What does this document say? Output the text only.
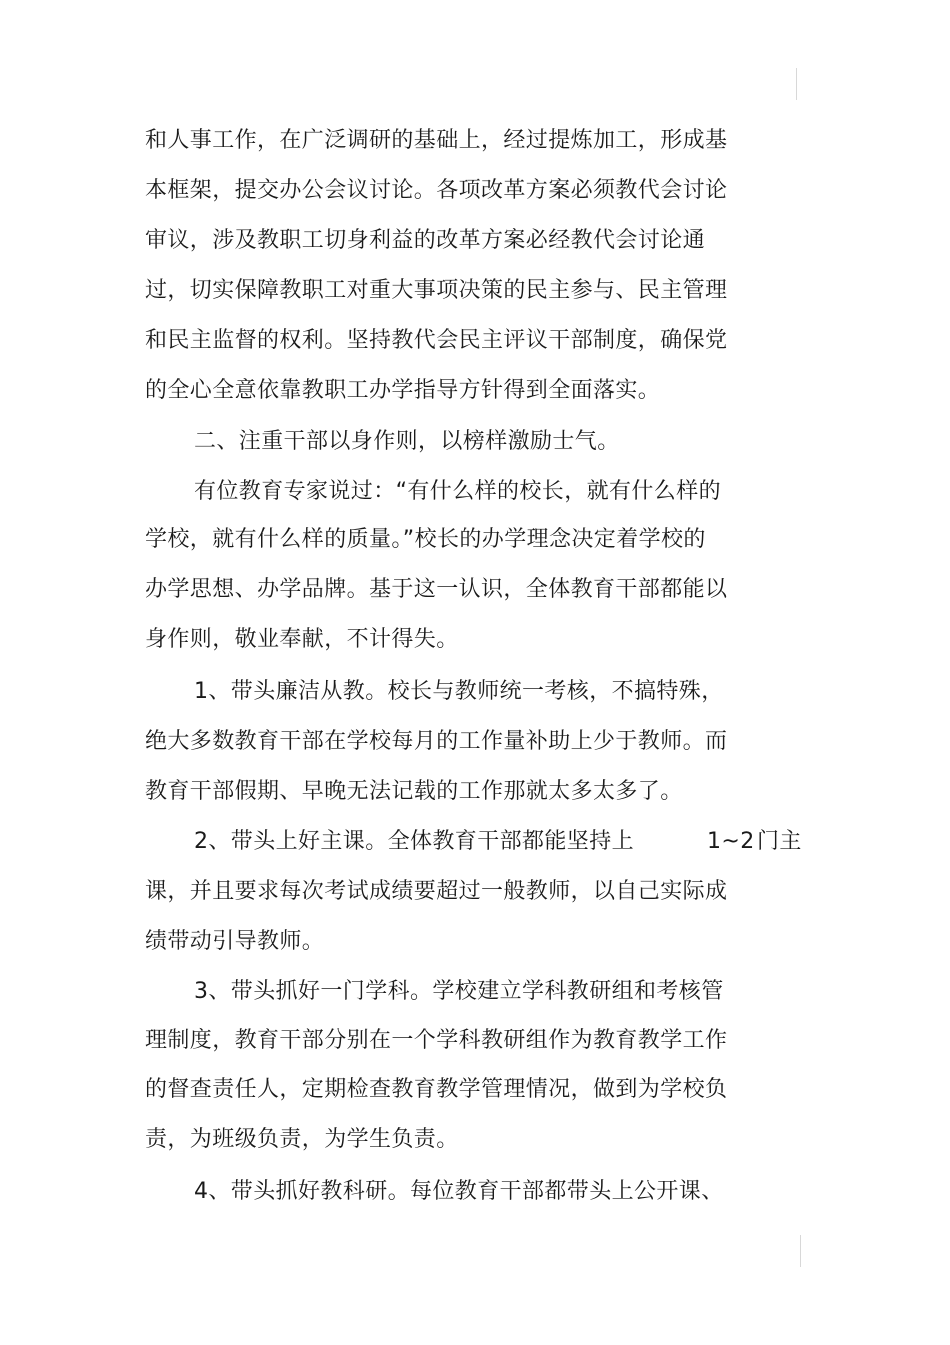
和人事工作，在广泛调研的基础上，经过提炼加工，形成基
本框架，提交办公会议讨论。各项改革方案必须教代会讨论
审议，涉及教职工切身利益的改革方案必经教代会讨论通
过，切实保障教职工对重大事项决策的民主参与、民主管理
和民主监督的权利。坚持教代会民主评议干部制度，确保党
的全心全意依靠教职工办学指导方针得到全面落实。
二、注重干部以身作则，以榜样激励士气。
有位教育专家说过：“有什么样的校长，就有什么样的
学校，就有什么样的质量。”校长的办学理念决定着学校的
办学思想、办学品牌。基于这一认识，全体教育干部都能以
身作则，敬业奉献，不计得失。
1、带头廉洁从教。校长与教师统一考核，不搞特殊，
绝大多数教育干部在学校每月的工作量补助上少于教师。而
教育干部假期、早晚无法记载的工作那就太多太多了。
2、带头上好主课。全体教育干部都能坚持上	1~2 门主
课，并且要求每次考试成绩要超过一般教师，以自己实际成
绩带动引导教师。
3、带头抓好一门学科。学校建立学科教研组和考核管
理制度，教育干部分别在一个学科教研组作为教育教学工作
的督查责任人，定期检查教育教学管理情况，做到为学校负
责，为班级负责，为学生负责。
4、带头抓好教科研。每位教育干部都带头上公开课、
